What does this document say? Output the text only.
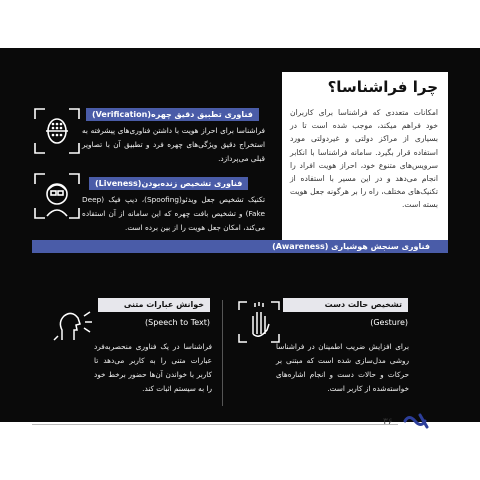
چرا فراشناسا؟
امکانات متعددی که فراشناسا برای کاربران خود فراهم میکند، موجب شده است تا در بسیاری از مراکز دولتی و غیردولتی مورد استفاده قرار بگیرد. سامانه فراشناسا با انکابر سرویس‌های متنوع خود، احراز هویت افراد را انجام می‌دهد و در این مسیر با استفاده از تکنیک‌های مختلف، راه را بر هرگونه جعل هویت بسته است.
فناوری تطبیق دقیق چهره(Verification)
فراشناسا برای احراز هویت با داشتن فناوری‌های پیشرفته به استخراج دقیق ویژگی‌های چهره فرد و تطبیق آن با تصاویر قبلی می‌پردازد.
فناوری تشخیص زنده‌بودن(Liveness)
تکنیک تشخیص جعل ویدئو(Spoofing)، دیپ فیک (Deep Fake) و تشخیص بافت چهره که این سامانه از آن استفاده می‌کند، امکان جعل هویت را از بین برده است.
فناوری سنجش هوشیاری (Awareness)
تشخیص حالت دست
(Gesture)
برای افزایش ضریب اطمینان در فراشناسا روشی مدل‌سازی شده است که مبتنی بر حرکات و حالات دست و انجام اشاره‌های خواسته‌شده از کاربر است.
خوانش عبارات متنی
(Speech to Text)
فراشناسا در یک فناوری منحصربه‌فرد عبارات متنی را به کاربر می‌دهد تا کاربر با خواندن آن‌ها حضور برخط خود را به سیستم اثبات کند.
۳۶
